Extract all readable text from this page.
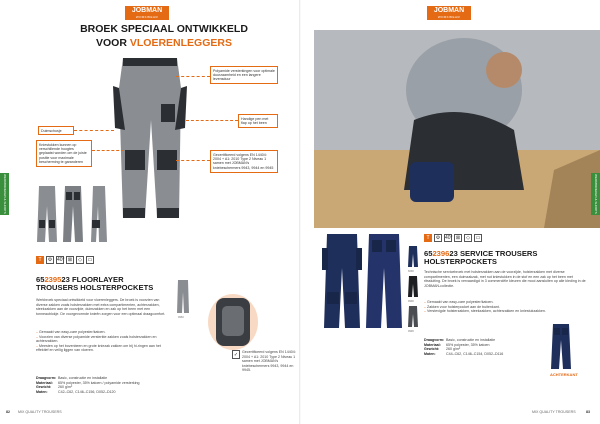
JOBMAN
WORKWEAR
BROEK SPECIAAL ONTWIKKELD
VOOR VLOERENLEGGERS
Polyamide versterkingen voor optimale duurzaamheid en een langere levensduur
Handige pen met flap op het been
Duimschusje
Kniestukken kunnen op verschillende hoogtes geplaatst worden om de juiste positie voor maximale bescherming te garanderen
Gecertificeerd volgens EN 14404: 2004 + A1: 2010 Type 2 Niveau 1 samen met JOBMAN's kniebeschermers 9943, 9944 en 9945
T	⚙ 40° ⊠	◇	▭
65239523 FLOORLAYER
TROUSERS HOLSTERPOCKETS
Werkbroek speciaal ontwikkeld voor vloerenleggers. De broek is voorzien van diverse zakken zoals holsterzakken met extra compartimenten, achterzakken, steekzakken aan de voorzijde, duimzakken en zak op het been met een tonneaublokje. De voorgevormde knieën zorgen voor een optimaal draagcomfort.
– Gemaakt van easy-care polyester/katoen.
– Voorzien van diverse polyamide versterkte zakken zoals holsterzakken en achterzakken.
– Meesten op het bovenbeen en grote kniezak zakken om bij hi-ringen aan het effektief en veilig liggen van vloeren.
9960
✓	Gecertificeerd volgens EN 14404: 2004 + A1: 2010 Type 2 Niveau 1 samen met JOBMAN's kniebeschermers 9943, 9944 en 9945.
Draagvorm: Basic, constructie en installatie
Materiaal:	65% polyester, 35% katoen / polyamide versterking
Gewicht:	260 g/m²
Maten:	C42–C62, C146–C156, D052–D120
82 MIX QUALITY TROUSERS
WERKBROEKEN & SHORTS
JOBMAN
WORKWEAR
WERKBROEKEN & SHORTS
T	⚙ 40° ⊠	◇	▭
65239623 SERVICE TROUSERS
HOLSTERPOCKETS
Technische servicebroek met holsterzakken aan de voorzijde, holsterzakken met diverse compartimenten, een duimzakzak, met nut kniestukken in de stof en een zak op het been met ritssluiting. De broek is vervaardigd in 3 commerciële kleuren die mooi aansluiten op alle kleding in de JOBMAN-collectie.
– Gemaakt van easy-care polyester/katoen.
– Zakken voor holsterpocket aan de buitenkant.
– Verstevigde holsterzakken, steekzakken, achterzakken en kniestukzakken.
6690
9990
9996
Draagvorm: Basic, constructie en installatie
Materiaal:	65% polyester, 35% katoen
Gewicht:	260 g/m²
Maten:	C44–C62, C146–C154, D052–D116
ACHTERKANT
MIX QUALITY TROUSERS	83
